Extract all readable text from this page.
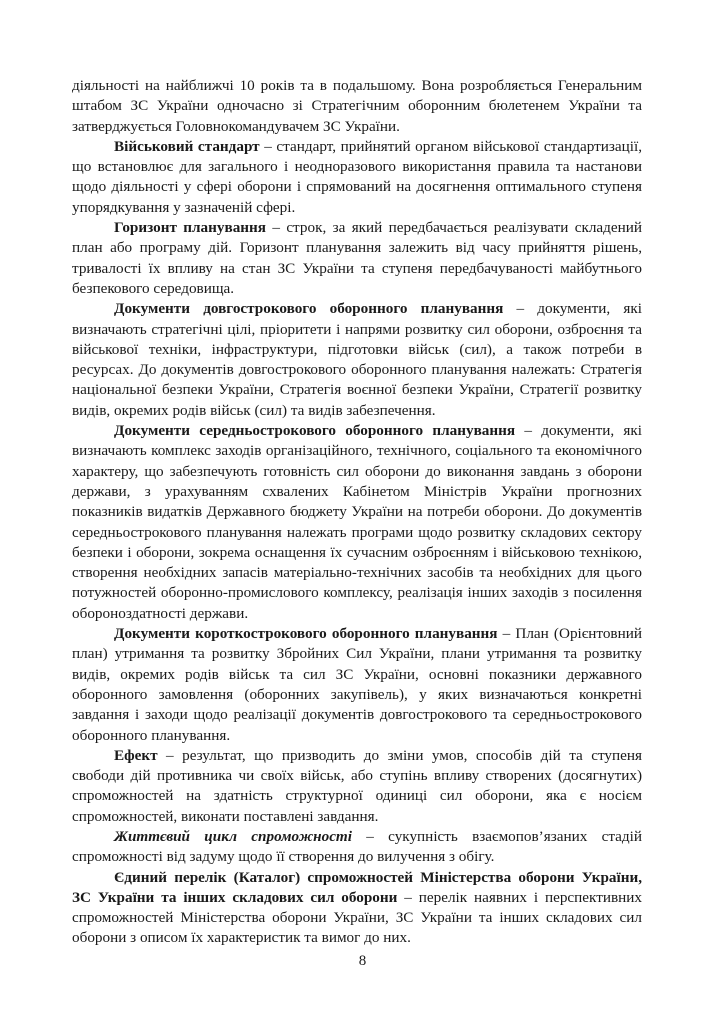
діяльності на найближчі 10 років та в подальшому. Вона розробляється Генеральним штабом ЗС України одночасно зі Стратегічним оборонним бюлетенем України та затверджується Головнокомандувачем ЗС України.

Військовий стандарт – стандарт, прийнятий органом військової стандартизації, що встановлює для загального і неодноразового використання правила та настанови щодо діяльності у сфері оборони і спрямований на досягнення оптимального ступеня упорядкування у зазначеній сфері.

Горизонт планування – строк, за який передбачається реалізувати складений план або програму дій. Горизонт планування залежить від часу прийняття рішень, тривалості їх впливу на стан ЗС України та ступеня передбачуваності майбутнього безпекового середовища.

Документи довгострокового оборонного планування – документи, які визначають стратегічні цілі, пріоритети і напрями розвитку сил оборони, озброєння та військової техніки, інфраструктури, підготовки військ (сил), а також потреби в ресурсах. До документів довгострокового оборонного планування належать: Стратегія національної безпеки України, Стратегія воєнної безпеки України, Стратегії розвитку видів, окремих родів військ (сил) та видів забезпечення.

Документи середньострокового оборонного планування – документи, які визначають комплекс заходів організаційного, технічного, соціального та економічного характеру, що забезпечують готовність сил оборони до виконання завдань з оборони держави, з урахуванням схвалених Кабінетом Міністрів України прогнозних показників видатків Державного бюджету України на потреби оборони. До документів середньострокового планування належать програми щодо розвитку складових сектору безпеки і оборони, зокрема оснащення їх сучасним озброєнням і військовою технікою, створення необхідних запасів матеріально-технічних засобів та необхідних для цього потужностей оборонно-промислового комплексу, реалізація інших заходів з посилення обороноздатності держави.

Документи короткострокового оборонного планування – План (Орієнтовний план) утримання та розвитку Збройних Сил України, плани утримання та розвитку видів, окремих родів військ та сил ЗС України, основні показники державного оборонного замовлення (оборонних закупівель), у яких визначаються конкретні завдання і заходи щодо реалізації документів довгострокового та середньострокового оборонного планування.

Ефект – результат, що призводить до зміни умов, способів дій та ступеня свободи дій противника чи своїх військ, або ступінь впливу створених (досягнутих) спроможностей на здатність структурної одиниці сил оборони, яка є носієм спроможностей, виконати поставлені завдання.

Життєвий цикл спроможності – сукупність взаємопов’язаних стадій спроможності від задуму щодо її створення до вилучення з обігу.

Єдиний перелік (Каталог) спроможностей Міністерства оборони України, ЗС України та інших складових сил оборони – перелік наявних і перспективних спроможностей Міністерства оборони України, ЗС України та інших складових сил оборони з описом їх характеристик та вимог до них.

8
